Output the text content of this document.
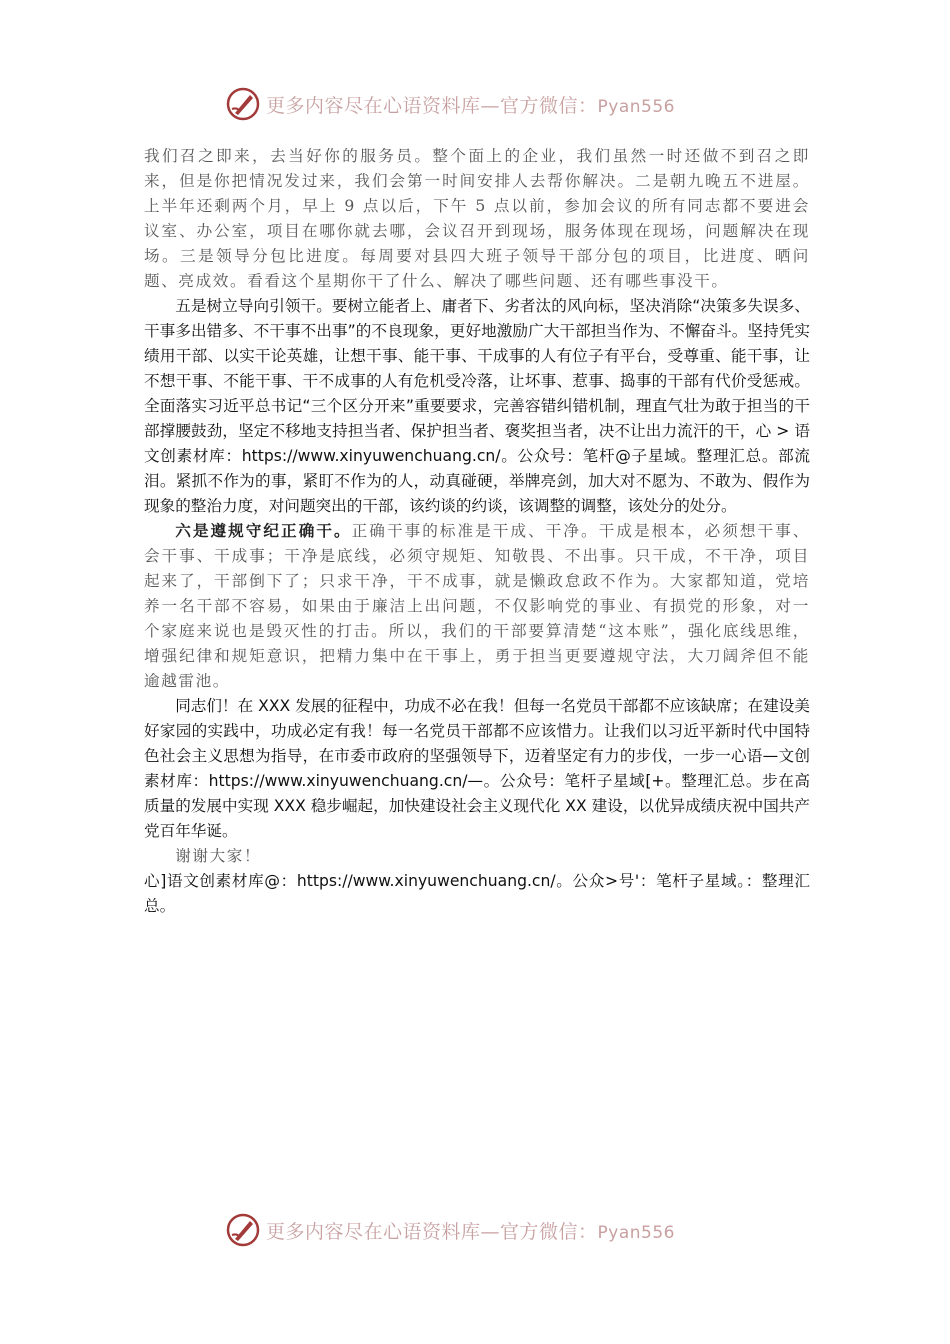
更多内容尽在心语资料库—官方微信：Pyan556

我们召之即来，去当好你的服务员。整个面上的企业，我们虽然一时还做不到召之即来，但是你把情况发过来，我们会第一时间安排人去帮你解决。二是朝九晚五不进屋。上半年还剩两个月，早上 9 点以后，下午 5 点以前，参加会议的所有同志都不要进会议室、办公室，项目在哪你就去哪，会议召开到现场，服务体现在现场，问题解决在现场。三是领导分包比进度。每周要对县四大班子领导干部分包的项目，比进度、晒问题、亮成效。看看这个星期你干了什么、解决了哪些问题、还有哪些事没干。

五是树立导向引领干。要树立能者上、庸者下、劣者汰的风向标，坚决消除“决策多失误多、干事多出错多、不干事不出事”的不良现象，更好地激励广大干部担当作为、不懈奋斗。坚持凭实绩用干部、以实干论英雄，让想干事、能干事、干成事的人有位子有平台，受尊重、能干事，让不想干事、不能干事、干不成事的人有危机受冷落，让坏事、惹事、捣事的干部有代价受惩戒。全面落实习近平总书记“三个区分开来”重要要求，完善容错纠错机制，理直气壮为敢于担当的干部撑腰鼓劲，坚定不移地支持担当者、保护担当者、褒奖担当者，决不让出力流汗的干，心 > 语文创素材库：https://www.xinyuwenchuang.cn/。公众号：笔杆@子星域。整理汇总。部流泪。紧抓不作为的事，紧盯不作为的人，动真碰硬，举牌亮剑，加大对不愿为、不敢为、假作为现象的整治力度，对问题突出的干部，该约谈的约谈，该调整的调整，该处分的处分。

六是遵规守纪正确干。正确干事的标准是干成、干净。干成是根本，必须想干事、会干事、干成事；干净是底线，必须守规矩、知敬畏、不出事。只干成，不干净，项目起来了，干部倒下了；只求干净，干不成事，就是懒政怠政不作为。大家都知道，党培养一名干部不容易，如果由于廉洁上出问题，不仅影响党的事业、有损党的形象，对一个家庭来说也是毁灭性的打击。所以，我们的干部要算清楚“这本账”，强化底线思维，增强纪律和规矩意识，把精力集中在干事上，勇于担当更要遵规守法，大刀阔斧但不能逾越雷池。

同志们！在 XXX 发展的征程中，功成不必在我！但每一名党员干部都不应该缺席；在建设美好家园的实践中，功成必定有我！每一名党员干部都不应该惜力。让我们以习近平新时代中国特色社会主义思想为指导，在市委市政府的坚强领导下，迈着坚定有力的步伐，一步一心语—文创素材库：https://www.xinyuwenchuang.cn/—。公众号：笔杆子星域[+。整理汇总。步在高质量的发展中实现 XXX 稳步崛起，加快建设社会主义现代化 XX 建设，以优异成绩庆祝中国共产党百年华诞。

谢谢大家！

心]语文创素材库@：https://www.xinyuwenchuang.cn/。公众>号'：笔杆子星域。：整理汇总。

更多内容尽在心语资料库—官方微信：Pyan556
